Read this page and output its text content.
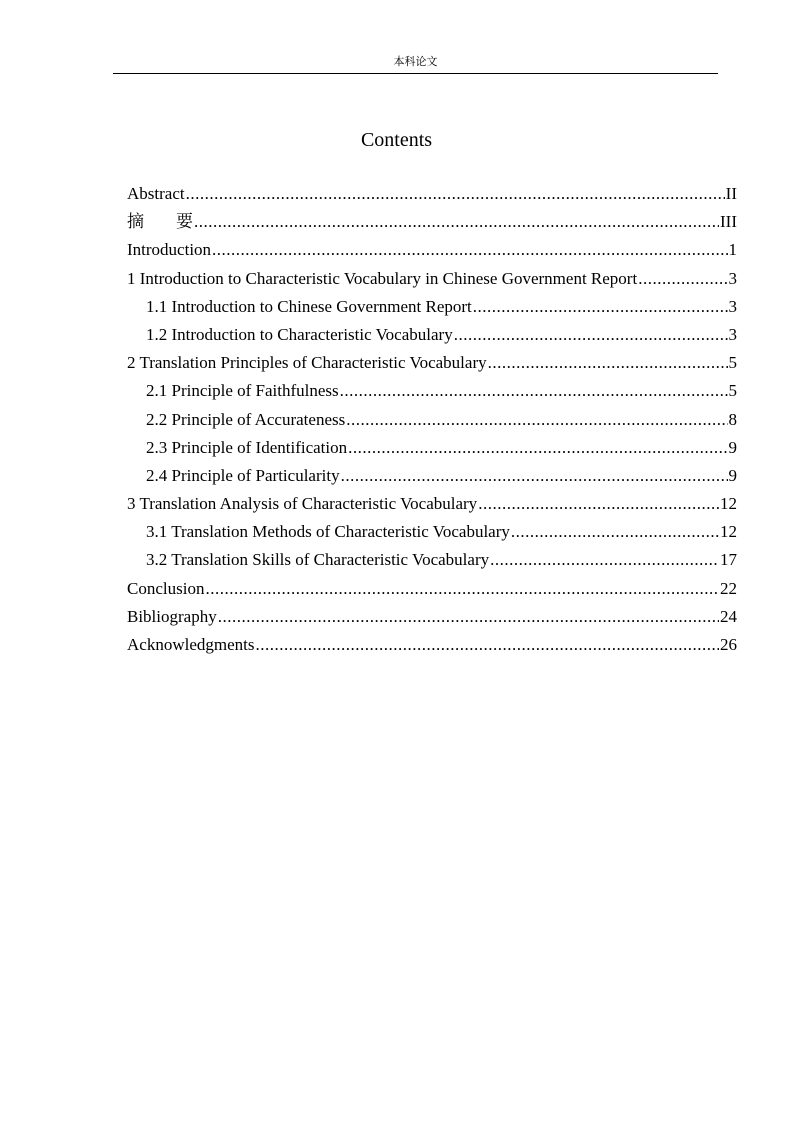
本科论文
Contents
Abstract .....	II
摘 要 .....	III
Introduction .....	1
1 Introduction to Characteristic Vocabulary in Chinese Government Report .....	3
1.1 Introduction to Chinese Government Report .....	3
1.2 Introduction to Characteristic Vocabulary .....	3
2 Translation Principles of Characteristic Vocabulary .....	5
2.1 Principle of Faithfulness .....	5
2.2 Principle of Accurateness .....	8
2.3 Principle of Identification .....	9
2.4 Principle of Particularity .....	9
3 Translation Analysis of Characteristic Vocabulary .....	12
3.1 Translation Methods of Characteristic Vocabulary .....	12
3.2 Translation Skills of Characteristic Vocabulary .....	17
Conclusion .....	22
Bibliography .....	24
Acknowledgments .....	26
